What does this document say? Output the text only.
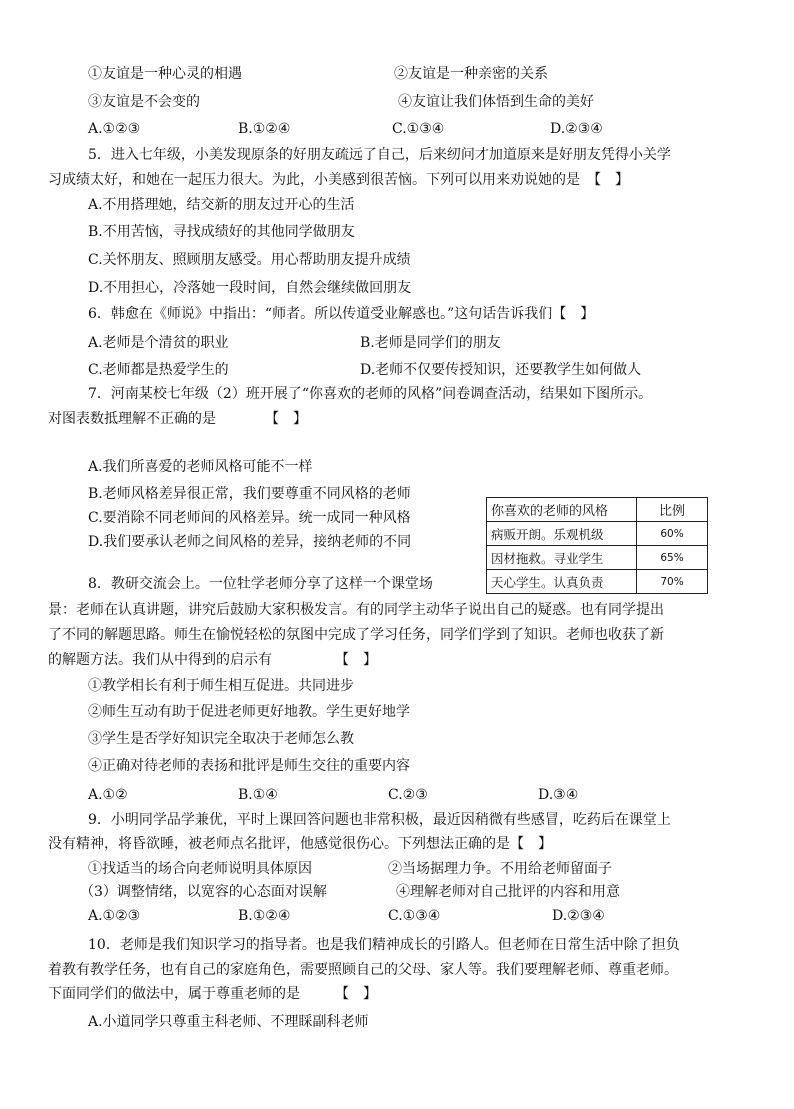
①友谊是一种心灵的相遇	②友谊是一种亲密的关系
③友谊是不会变的	④友谊让我们体悟到生命的美好
A.①②③	B.①②④	C.①③④	D.②③④
5．进入七年级，小美发现原条的好朋友疏远了自己，后来纫问才加道原来是好朋友凭得小关学
习成绩太好，和她在一起压力很大。为此，小美感到很苦恼。下列可以用来劝说她的是　【　】
A.不用搭理她，结交新的朋友过开心的生活
B.不用苦恼，寻找成绩好的其他同学做朋友
C.关怀朋友、照顾朋友感受。用心帮助朋友提升成绩
D.不用担心，冷落她一段时间，自然会继续做回朋友
6．韩愈在《师说》中指出：“师者。所以传道受业解惑也。”这句话告诉我们【　】
A.老师是个清贫的职业	B.老师是同学们的朋友
C.老师都是热爱学生的	D.老师不仅要传授知识，还要教学生如何做人
7．河南某校七年级（2）班开展了“你喜欢的老师的风格”问卷调查活动，结果如下图所示。
对图表数抵理解不正确的是　　　　【　】
A.我们所喜爱的老师风格可能不一样
B.老师风格差异很正常，我们要尊重不同风格的老师
C.要消除不同老师间的风格差异。统一成同一种风格
D.我们要承认老师之间风格的差异，接纳老师的不同
你喜欢的老师的风格	比例
病贩开朗。乐观机级	60%
因材拖救。寻业学生	65%
天心学生。认真负责	70%
8．教研交流会上。一位牡学老师分享了这样一个课堂场
景：老师在认真讲题，讲究后鼓励大家积极发言。有的同学主动华子说出自己的疑惑。也有同学提出
了不同的解题思路。师生在愉悦轻松的氛图中完成了学习任务，同学们学到了知识。老师也收获了新
的解题方法。我们从中得到的启示有　　　　　【　】
①教学相长有利于师生相互促进。共同进步
②师生互动有助于促进老师更好地教。学生更好地学
③学生是否学好知识完全取决于老师怎么教
④正确对待老师的表扬和批评是师生交往的重要内容
A.①②	B.①④	C.②③	D.③④
9．小明同学品学兼优，平时上课回答问题也非常积极，最近因稍微有些感冒，吃药后在课堂上
没有精神，将昏欲睡，被老师点名批评，他感觉很伤心。下列想法正确的是【　】
①找适当的场合向老师说明具体原因	②当场据理力争。不用给老师留面子
（3）调整情绪，以宽容的心态面对误解	④理解老师对自己批评的内容和用意
A.①②③	B.①②④	C.①③④	D.②③④
10．老师是我们知识学习的指导者。也是我们精神成长的引路人。但老师在日常生活中除了担负
着教有教学任务，也有自己的家庭角色，需要照顾自己的父母、家人等。我们要理解老师、尊重老师。
下面同学们的做法中，属于尊重老师的是　　　【　】
A.小道同学只尊重主科老师、不理睬副科老师
